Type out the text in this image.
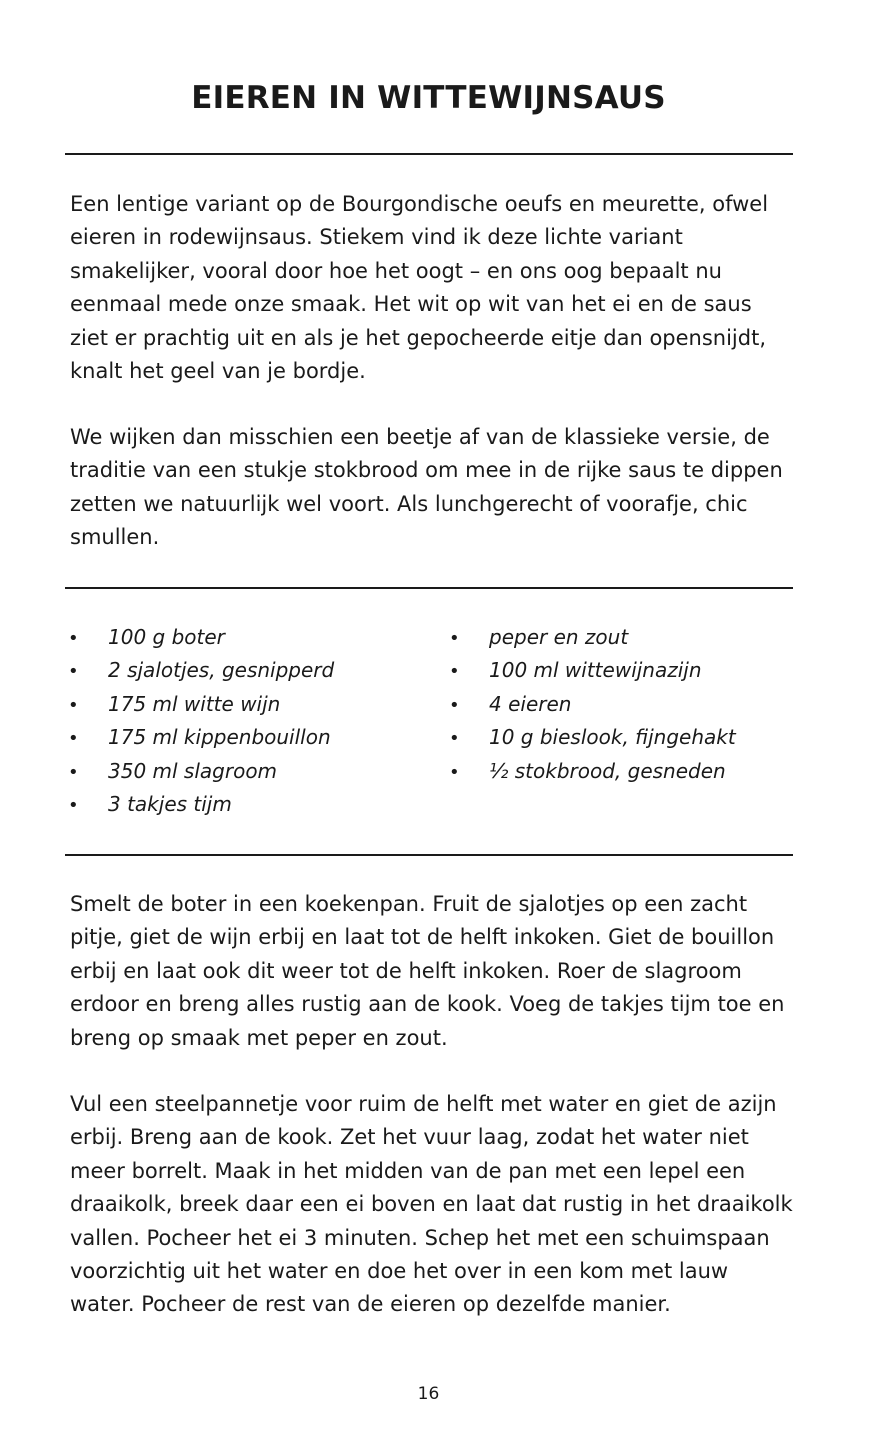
EIEREN IN WITTEWIJNSAUS

Een lentige variant op de Bourgondische oeufs en meurette, ofwel eieren in rodewijnsaus. Stiekem vind ik deze lichte variant smakelijker, vooral door hoe het oogt – en ons oog bepaalt nu eenmaal mede onze smaak. Het wit op wit van het ei en de saus ziet er prachtig uit en als je het gepocheerde eitje dan opensnijdt, knalt het geel van je bordje.

We wijken dan misschien een beetje af van de klassieke versie, de traditie van een stukje stokbrood om mee in de rijke saus te dippen zetten we natuurlijk wel voort. Als lunchgerecht of voorafje, chic smullen.

• 100 g boter
• 2 sjalotjes, gesnipperd
• 175 ml witte wijn
• 175 ml kippenbouillon
• 350 ml slagroom
• 3 takjes tijm
• peper en zout
• 100 ml wittewijnazijn
• 4 eieren
• 10 g bieslook, fijngehakt
• ½ stokbrood, gesneden

Smelt de boter in een koekenpan. Fruit de sjalotjes op een zacht pitje, giet de wijn erbij en laat tot de helft inkoken. Giet de bouillon erbij en laat ook dit weer tot de helft inkoken. Roer de slagroom erdoor en breng alles rustig aan de kook. Voeg de takjes tijm toe en breng op smaak met peper en zout.

Vul een steelpannetje voor ruim de helft met water en giet de azijn erbij. Breng aan de kook. Zet het vuur laag, zodat het water niet meer borrelt. Maak in het midden van de pan met een lepel een draaikolk, breek daar een ei boven en laat dat rustig in het draaikolk vallen. Pocheer het ei 3 minuten. Schep het met een schuimspaan voorzichtig uit het water en doe het over in een kom met lauw water. Pocheer de rest van de eieren op dezelfde manier.

16
